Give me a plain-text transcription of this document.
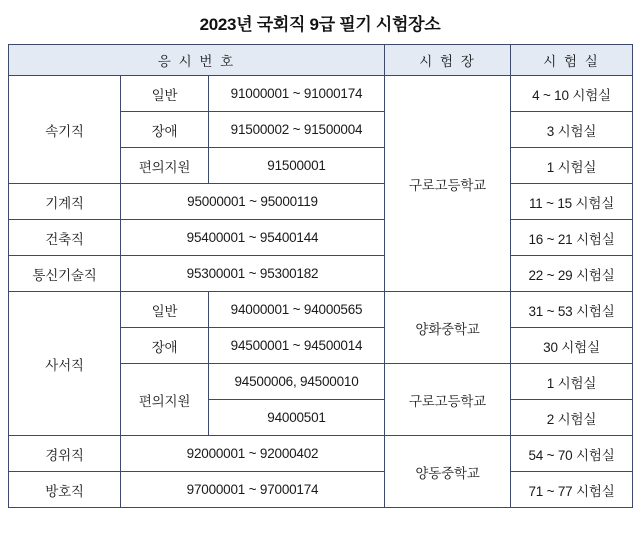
2023년 국회직 9급 필기 시험장소
응 시 번 호			시 험 장	시 험 실
속기직	일반	91000001 ~ 91000174	구로고등학교	4 ~ 10 시험실
	장애	91500002 ~ 91500004		3 시험실
	편의지원	91500001		1 시험실
기계직	95000001 ~ 95000119			11 ~ 15 시험실
건축직	95400001 ~ 95400144			16 ~ 21 시험실
통신기술직	95300001 ~ 95300182			22 ~ 29 시험실
사서직	일반	94000001 ~ 94000565	양화중학교	31 ~ 53 시험실
	장애	94500001 ~ 94500014		30 시험실
	편의지원	94500006, 94500010	구로고등학교	1 시험실
		94000501		2 시험실
경위직	92000001 ~ 92000402		양동중학교	54 ~ 70 시험실
방호직	97000001 ~ 97000174			71 ~ 77 시험실
